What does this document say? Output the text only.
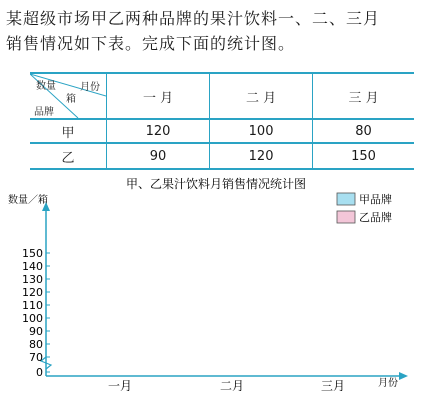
某超级市场甲乙两种品牌的果汁饮料一、二、三月
销售情况如下表。完成下面的统计图。
数量
箱
月份
品牌	一 月	二 月	三 月
甲	120	100	80
乙	90	120	150
甲、乙果汁饮料月销售情况统计图
数量／箱
月份
0
70
80
90
100
110
120
130
140
150
一月	二月	三月
甲品牌
乙品牌
